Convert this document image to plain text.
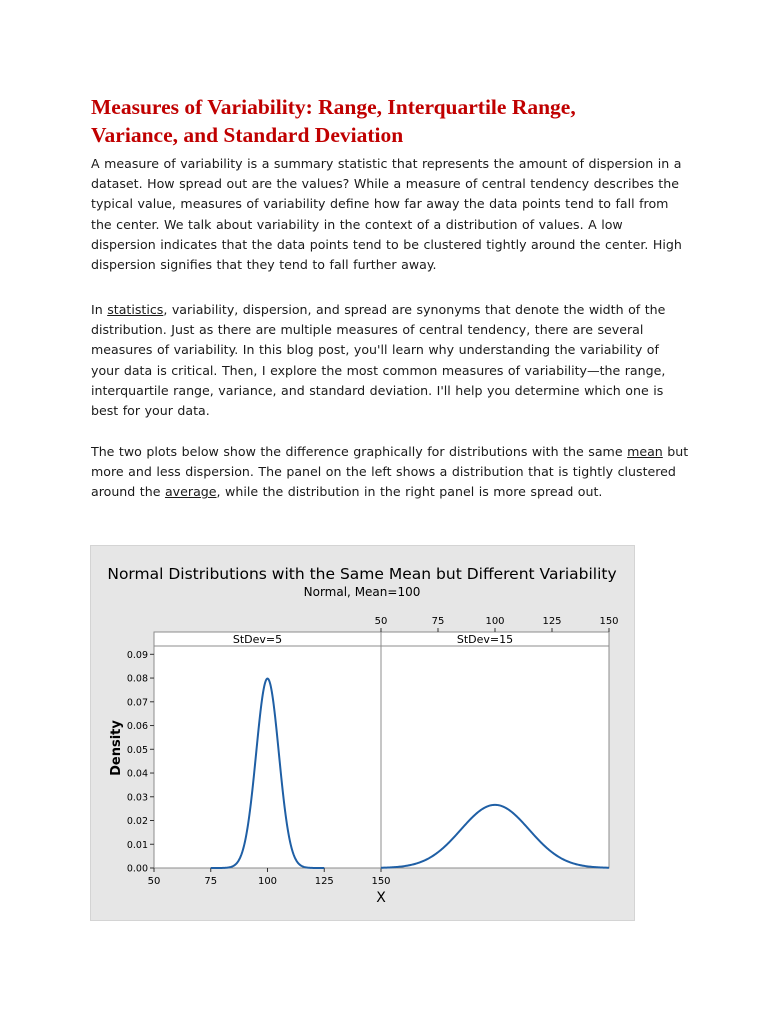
Measures of Variability: Range, Interquartile Range,
Variance, and Standard Deviation

A measure of variability is a summary statistic that represents the amount of dispersion in a dataset. How spread out are the values? While a measure of central tendency describes the typical value, measures of variability define how far away the data points tend to fall from the center. We talk about variability in the context of a distribution of values. A low dispersion indicates that the data points tend to be clustered tightly around the center. High dispersion signifies that they tend to fall further away.

In statistics, variability, dispersion, and spread are synonyms that denote the width of the distribution. Just as there are multiple measures of central tendency, there are several measures of variability. In this blog post, you'll learn why understanding the variability of your data is critical. Then, I explore the most common measures of variability—the range, interquartile range, variance, and standard deviation. I'll help you determine which one is best for your data.

The two plots below show the difference graphically for distributions with the same mean but more and less dispersion. The panel on the left shows a distribution that is tightly clustered around the average, while the distribution in the right panel is more spread out.

Normal Distributions with the Same Mean but Different Variability
Normal, Mean=100
Density
X
StDev=5
50	75	100	125	150
StDev=15
50	75	100	125	150
0.00
0.01
0.02
0.03
0.04
0.05
0.06
0.07
0.08
0.09
